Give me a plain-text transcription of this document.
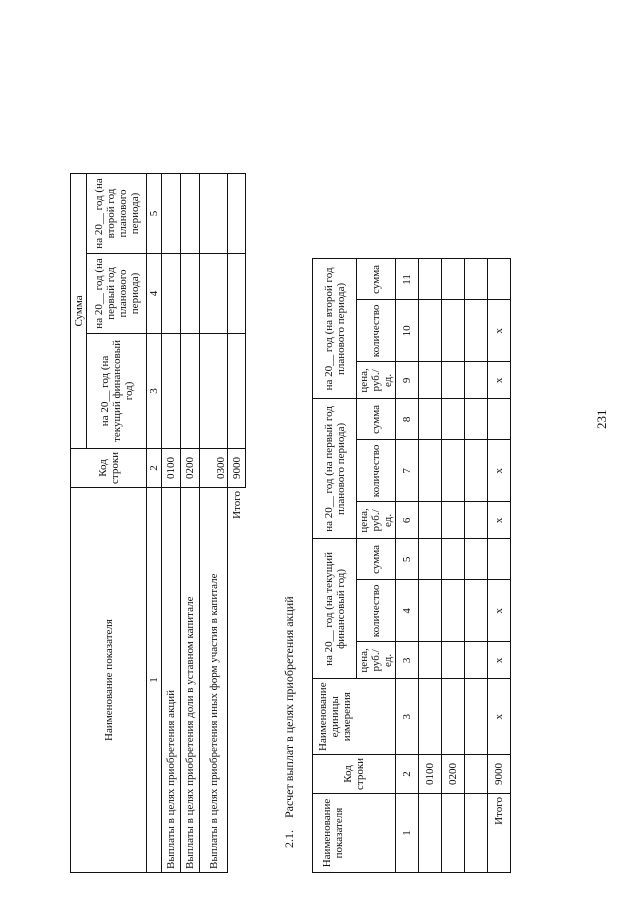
231
Наименование показателя	Код строки	Сумма		
		на 20__ год (на текущий финансовый год)	на 20__ год (на первый год планового периода)	на 20__ год (на второй год планового периода)
1	2	3	4	5
Выплаты в целях приобретения акций	0100			
Выплаты в целях приобретения доли в уставном капитале	0200			
Выплаты в целях приобретения иных форм участия в капитале	0300			
Итого	9000			
2.1.Расчет выплат в целях приобретения акций
Наименование показателя	Код строки	Наименование единицы измерения	на 20__ год (на текущий финансовый год)			на 20__ год (на первый год планового периода)			на 20__ год (на второй год планового периода)		
			цена, руб./ед.	количество	сумма	цена, руб./ед.	количество	сумма	цена, руб./ед.	количество	сумма
1	2	3	3	4	5	6	7	8	9	10	11
	0100										
	0200										

Итого	9000	x	x	x		x	x		x	x	
